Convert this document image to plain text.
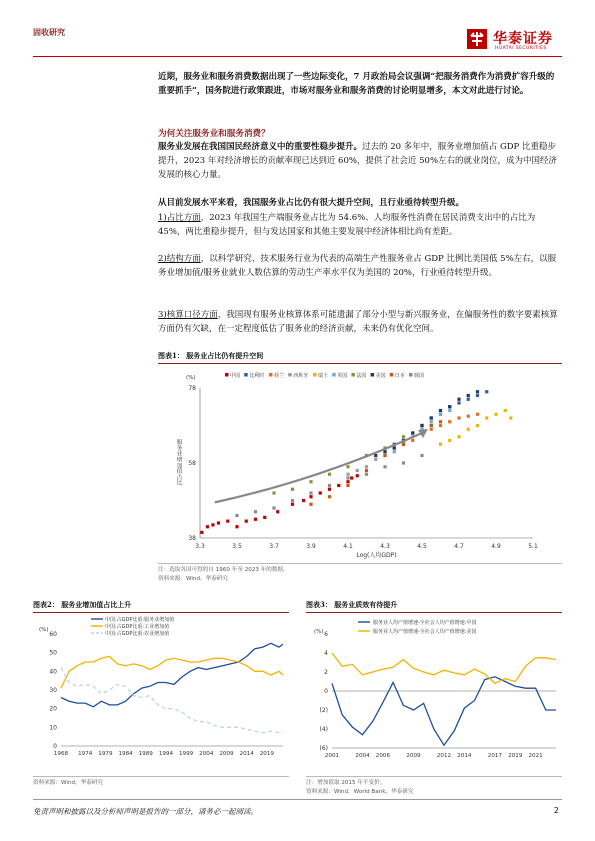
固收研究	华泰证券
HUATAI SECURITIES
近期，服务业和服务消费数据出现了一些边际变化，7 月政治局会议强调“把服务消费作为消费扩容升级的重要抓手”，国务院进行政策跟进，市场对服务业和服务消费的讨论明显增多，本文对此进行讨论。
为何关注服务业和服务消费？
服务业发展在我国国民经济意义中的重要性稳步提升。过去的 20 多年中，服务业增加值占 GDP 比重稳步提升，2023 年对经济增长的贡献率现已达到近 60%，提供了社会近 50%左右的就业岗位，成为中国经济发展的核心力量。
从目前发展水平来看，我国服务业占比仍有很大提升空间，且行业亟待转型升级。
1)占比方面，2023 年我国生产端服务业占比为 54.6%、人均服务性消费在居民消费支出中的占比为 45%，两比重稳步提升，但与发达国家和其他主要发展中经济体相比尚有差距。
2)结构方面，以科学研究、技术服务行业为代表的高端生产性服务业占 GDP 比例比美国低 5%左右，以服务业增加值/服务业就业人数估算的劳动生产率水平仅为美国的 20%，行业亟待转型升级。
3)核算口径方面，我国现有服务业核算体系可能遗漏了部分小型与新兴服务业，在偏服务性的数字要素核算方面仍有欠缺，在一定程度低估了服务业的经济贡献，未来仍有优化空间。
图表1： 服务业占比仍有提升空间
38
58
78
3.3	3.5	3.7	3.9	4.1	4.3	4.5	4.7	4.9	5.1
(%)
服务业增加值占比
Log(人均GDP)
中国 比利时 荷兰 西班牙 瑞士 英国 法国 美国 日本 韩国
注：选取各国可得的自 1960 年至 2023 年的数据。
资料来源：Wind、华泰研究
图表2： 服务业增加值占比上升
0
10
20
30
40
50
60
1968 1974 1979 1984 1989 1994 1999 2004 2009 2014 2019
(%)
中国:占GDP比重:服务业增加值
中国:占GDP比重:工业增加值
中国:占GDP比重:农业增加值
资料来源：Wind，华泰研究
图表3： 服务业质效有待提升
6
4
2
0
(2)
(4)
(6)
2001	2004 2006	2009	2012 2014	2017 2019 2021
(%)
服务业人均产值增速-全社会人均产值增速:中国
服务业人均产值增速-全社会人均产值增速:美国
注：增加值取 2015 年不变价。
资料来源：Wind，World Bank，华泰研究
免责声明和披露以及分析师声明是报告的一部分，请务必一起阅读。	2
